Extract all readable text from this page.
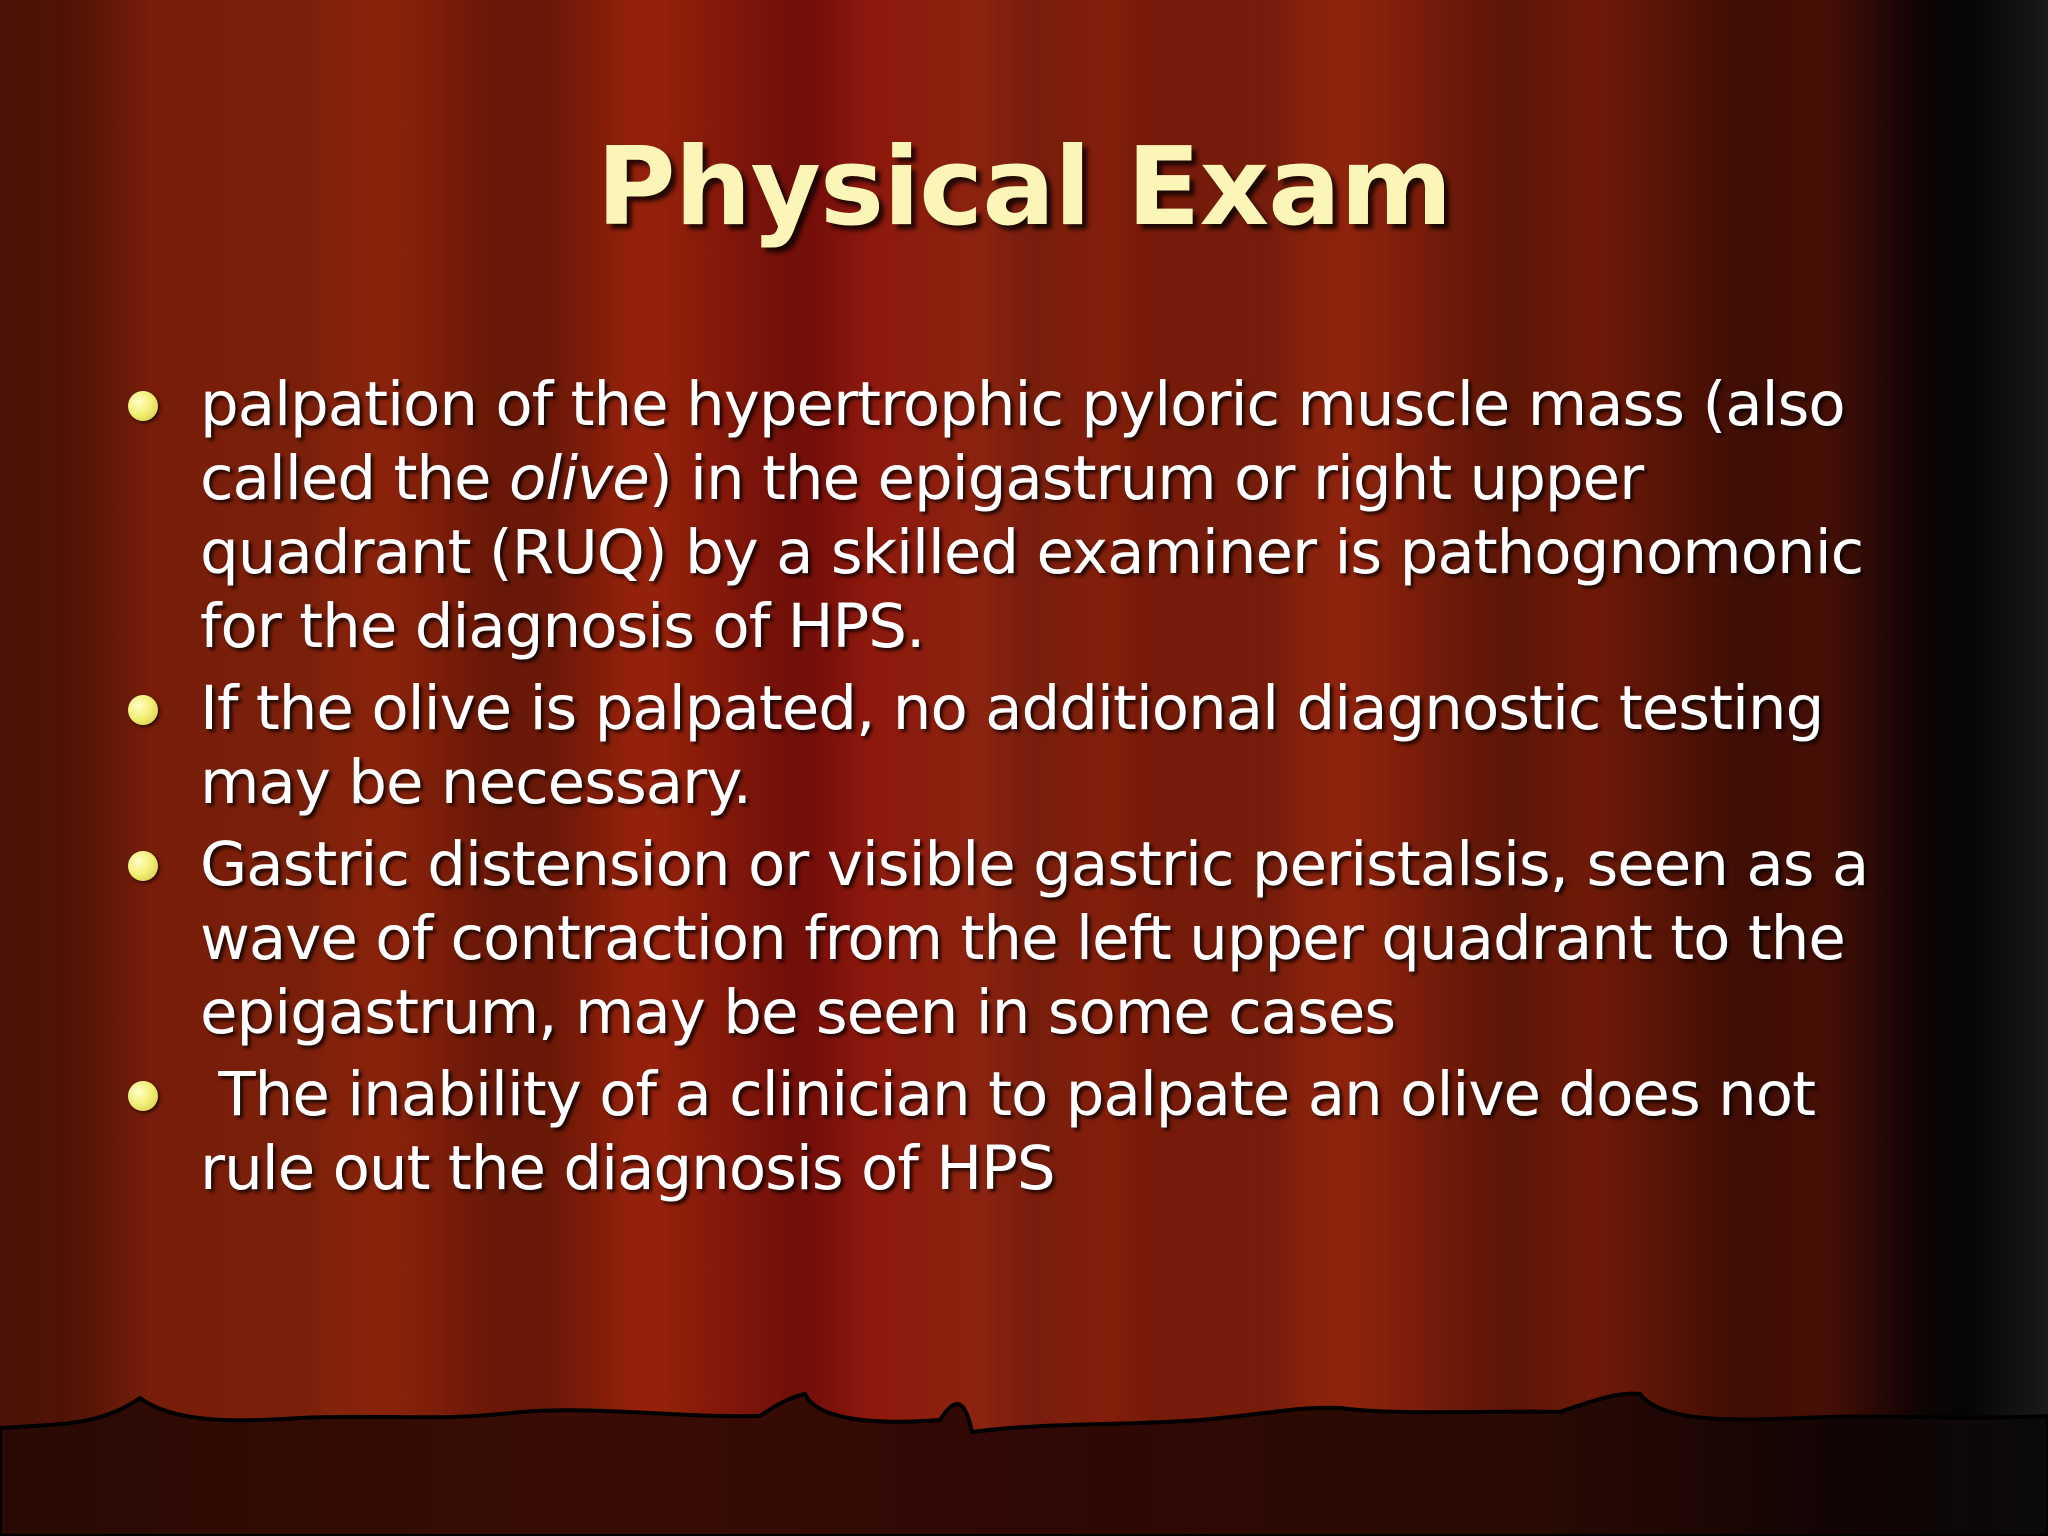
Physical Exam
palpation of the hypertrophic pyloric muscle mass (also called the olive) in the epigastrum or right upper quadrant (RUQ) by a skilled examiner is pathognomonic for the diagnosis of HPS.
If the olive is palpated, no additional diagnostic testing may be necessary.
Gastric distension or visible gastric peristalsis, seen as a wave of contraction from the left upper quadrant to the epigastrum, may be seen in some cases
The inability of a clinician to palpate an olive does not rule out the diagnosis of HPS
